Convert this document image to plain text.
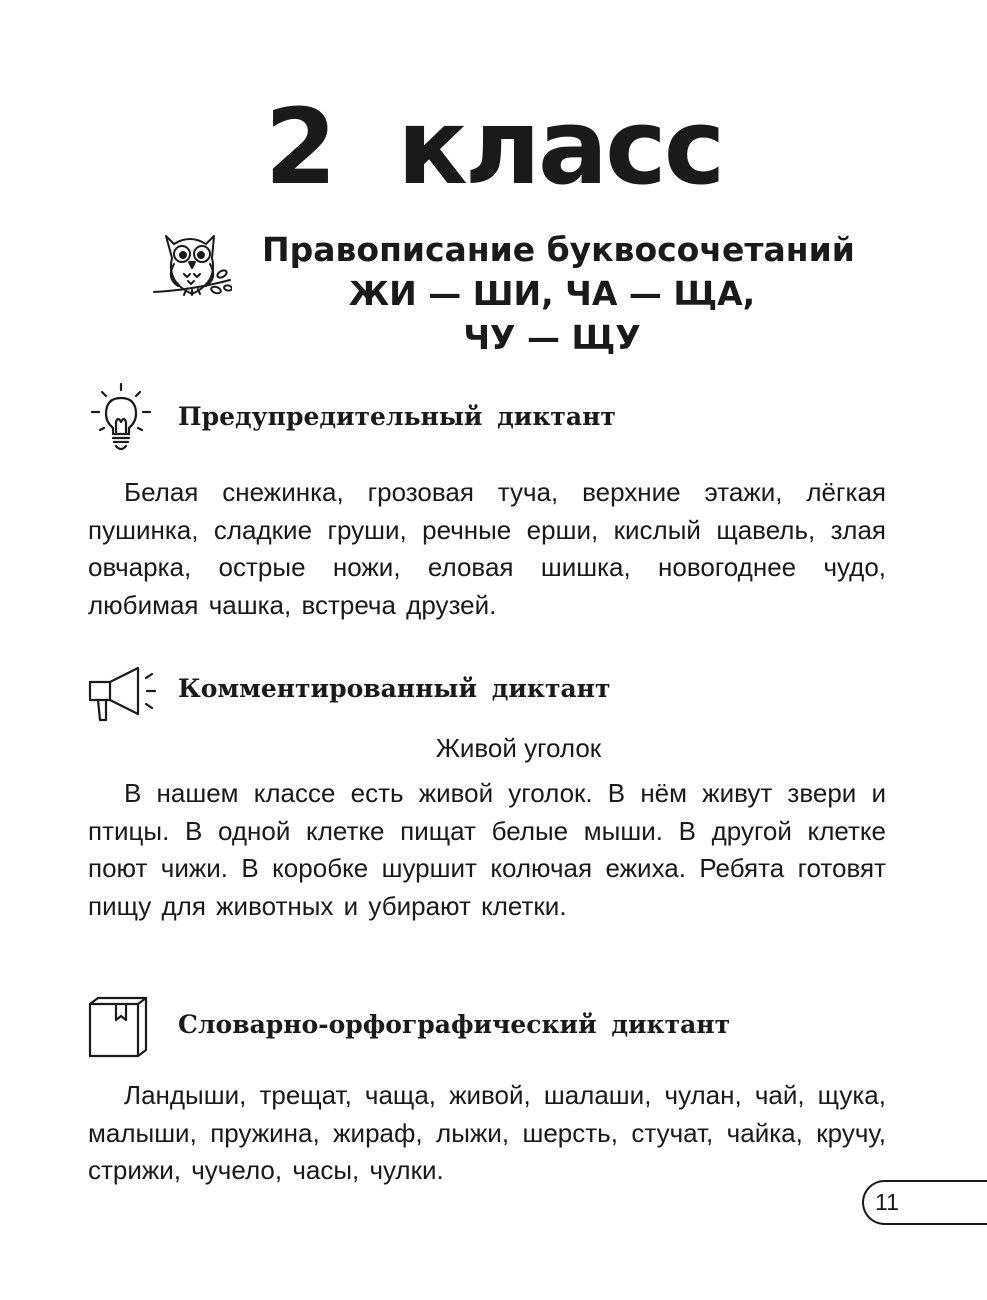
2 класс
Правописание буквосочетаний
ЖИ — ШИ, ЧА — ЩА,
ЧУ — ЩУ
Предупредительный диктант
Белая снежинка, грозовая туча, верхние этажи, лёгкая пушинка, сладкие груши, речные ерши, кислый щавель, злая овчарка, острые ножи, еловая шишка, новогоднее чудо, любимая чашка, встреча друзей.
Комментированный диктант
Живой уголок
В нашем классе есть живой уголок. В нём живут звери и птицы. В одной клетке пищат белые мыши. В другой клетке поют чижи. В коробке шуршит колючая ежиха. Ребята готовят пищу для животных и убирают клетки.
Словарно-орфографический диктант
Ландыши, трещат, чаща, живой, шалаши, чулан, чай, щука, малыши, пружина, жираф, лыжи, шерсть, стучат, чайка, кручу, стрижи, чучело, часы, чулки.
11
